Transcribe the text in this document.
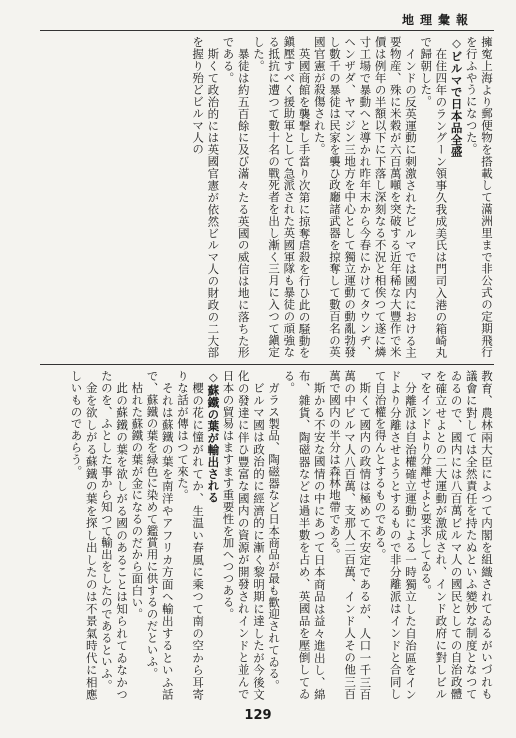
地理彙報

擁寃上海より郵便物を搭載して滿洲里まで非公式の定期飛行を行ふやうになつた。

◇ビルマで日本品全盛

在住四年のラングーン領事久我成美氏は門司入港の箱崎丸で歸朝した。

インドの反英運動に刺激されたビルマでは國内における主要物産、殊に米穀が六百萬噸を突破する近年稀な大豐作で米價は例年の半額以下に下落し深刻なる不況と相俟つて遂に燐寸工場で暴動へと導かれ昨年末から今春にかけてタウンヂ、ヘンザダ、ヤマジン三地方を中心として獨立運動の動亂勃發し數千の暴徒は民家を襲ひ政廳諸武器を掠奪して數百名の英國官憲が殺傷された。

英國商館を襲撃し手當り次第に掠奪虐殺を行ひ此の騒動を鎭壓すべく援助軍として急派された英國軍隊も暴徒の頑強なる抵抗に遭つて數十名の戰死者を出し漸く三月に入つて鎭定した。

暴徒は約五百餘に及び滿々たる英國の威信は地に落ちた形である。

斯くて政治的には英國官憲が依然ビルマ人の財政の二大部を握り殆どビルマ人の

教育、農林兩大臣によつて内閣を組織されてゐるがいづれも議會に對しては全然責任を持たぬといふ變妙な制度となつてゐるので、國内には八百萬ビルマ人の國民としての自治政體を確立せよとの二大運動が激成され、インド政府に對しビルマをインドより分離せよと要求してゐる。

分離派は自治權確立運動による一時獨立した自治區をインドより分離させようとするもので非分離派はインドと合同して自治權を得んとするものである。

斯くて國内の政情は極めて不安定であるが、人口一千三百萬の中ビルマ人八百萬、支那人二百萬、インド人その他三百萬で國内の半分は森林地帶である。

斯かる不安な國情の中にあつて日本商品は益々進出し、綿布、雜貨、陶磁器などは過半數を占め、英國品を壓倒してゐる。

ガラス製品、陶磁器など日本商品が最も歡迎されてゐる。

ビルマ國は政治的に經濟的に漸く黎明期に達したが今後文化の發達に伴ひ豐富な國内の資源が開發されインドと並んで日本の貿易はますます重要性を加へつつある。

◇蘇鐵の葉が輸出される

櫻の花に憧がれてか、生温い春風に乘つて南の空から耳寄りな話が傳はつて來た。

それは蘇鐵の葉を南洋やアフリカ方面へ輸出するといふ話で、蘇鐵の葉を緑色に染めて鑑賞用に供するのだといふ。

枯れた蘇鐵の葉が金になるのだから面白い。

此の蘇鐵の葉を欲しがる國のあることは知られてゐなかつたのを、ふとした事から知つて輸出をしたのであるといふ。

金を欲しがる蘇鐵の葉を探し出したのは不景氣時代に相應しいものであらう。

129
